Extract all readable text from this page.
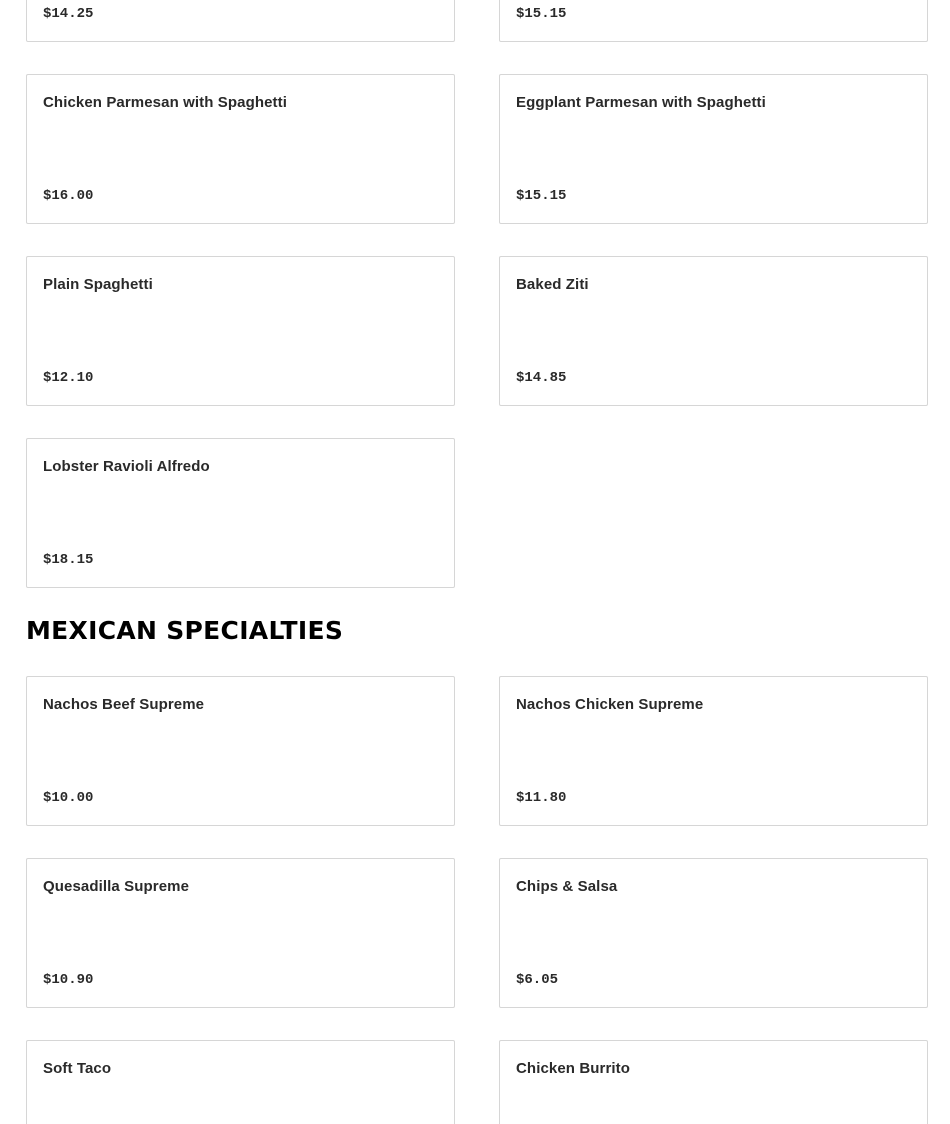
$14.25	$15.15
Chicken Parmesan with Spaghetti
$16.00
Eggplant Parmesan with Spaghetti
$15.15
Plain Spaghetti
$12.10
Baked Ziti
$14.85
Lobster Ravioli Alfredo
$18.15
MEXICAN SPECIALTIES
Nachos Beef Supreme
$10.00
Nachos Chicken Supreme
$11.80
Quesadilla Supreme
$10.90
Chips & Salsa
$6.05
Soft Taco	Chicken Burrito
